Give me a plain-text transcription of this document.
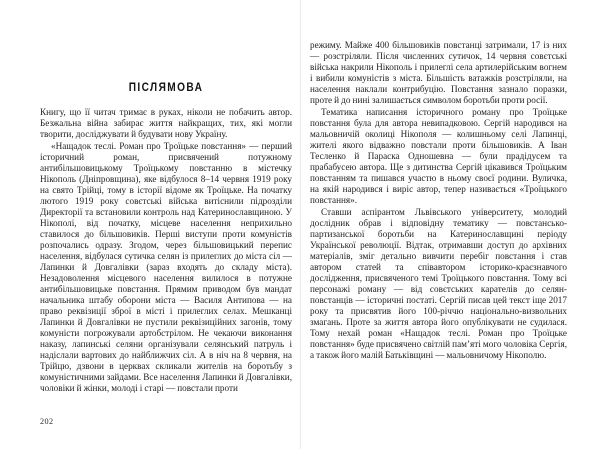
ПІСЛЯМОВА

Книгу, що її читач тримає в руках, ніколи не побачить автор. Безжальна війна забирає життя найкращих, тих, які могли творити, досліджувати й будувати нову Україну.

«Нащадок теслі. Роман про Троїцьке повстання» — перший історичний роман, присвячений потужному антибільшовицькому Троїцькому повстанню в містечку Нікополь (Дніпровщина), яке відбулося 8–14 червня 1919 року на свято Трійці, тому в історії відоме як Троїцьке. На початку лютого 1919 року совєтські війська витіснили підрозділи Директорії та встановили контроль над Катеринославщиною. У Нікополі, від початку, місцеве населення неприхильно ставилося до більшовиків. Перші виступи проти комуністів розпочались одразу. Згодом, через більшовицький перепис населення, відбулася сутичка селян із прилеглих до міста сіл — Лапинки й Довгалівки (зараз входять до складу міста). Незадоволення місцевого населення вилилося в потужне антибільшовицьке повстання. Прямим приводом був мандат начальника штабу оборони міста — Василя Антипова — на право реквізиції зброї в місті і прилеглих селах. Мешканці Лапинки й Довгалівки не пустили реквізиційних загонів, тому комуністи погрожували артобстрілом. Не чекаючи виконання наказу, лапинські селяни організували селянський патруль і надіслали вартових до найближчих сіл. А в ніч на 8 червня, на Трійцю, дзвони в церквах скликали жителів на боротьбу з комуністичними зайдами. Все населення Лапинки й Довгалівки, чоловіки й жінки, молоді і старі — повстали проти

202

режиму. Майже 400 більшовиків повстанці затримали, 17 із них — розстріляли. Після численних сутичок, 14 червня совєтські війська накрили Нікополь і прилеглі села артилерійським вогнем і вибили комуністів з міста. Більшість ватажків розстріляли, на населення наклали контрибуцію. Повстання зазнало поразки, проте й до нині залишається символом боротьби проти росії.

Тематика написання історичного роману про Троїцьке повстання була для автора невипадковою. Сергій народився на мальовничій околиці Нікополя — колишньому селі Лапинці, жителі якого відважно повстали проти більшовиків. А Іван Тесленко й Параска Одношевна — були прадідусем та прабабусею автора. Ще з дитинства Сергій цікавився Троїцьким повстанням та пишався участю в ньому своєї родини. Вуличка, на якій народився і виріс автор, тепер називається «Троїцького повстання».

Ставши аспірантом Львівського університету, молодий дослідник обрав і відповідну тематику — повстансько-партизанської боротьби на Катеринославщині періоду Української революції. Відтак, отримавши доступ до архівних матеріалів, зміг детально вивчити перебіг повстання і став автором статей та співавтором історико-краєзнавчого дослідження, присвяченого темі Троїцького повстання. Тому всі персонажі роману — від совєтських карателів до селян-повстанців — історичні постаті. Сергій писав цей текст іще 2017 року та присвятив його 100-річчю національно-визвольних змагань. Проте за життя автора його опублікувати не судилася. Тому нехай роман «Нащадок теслі. Роман про Троїцьке повстання» буде присвячено світлій пам’яті мого чоловіка Сергія, а також його малій Батьківщині — мальовничому Нікополю.
